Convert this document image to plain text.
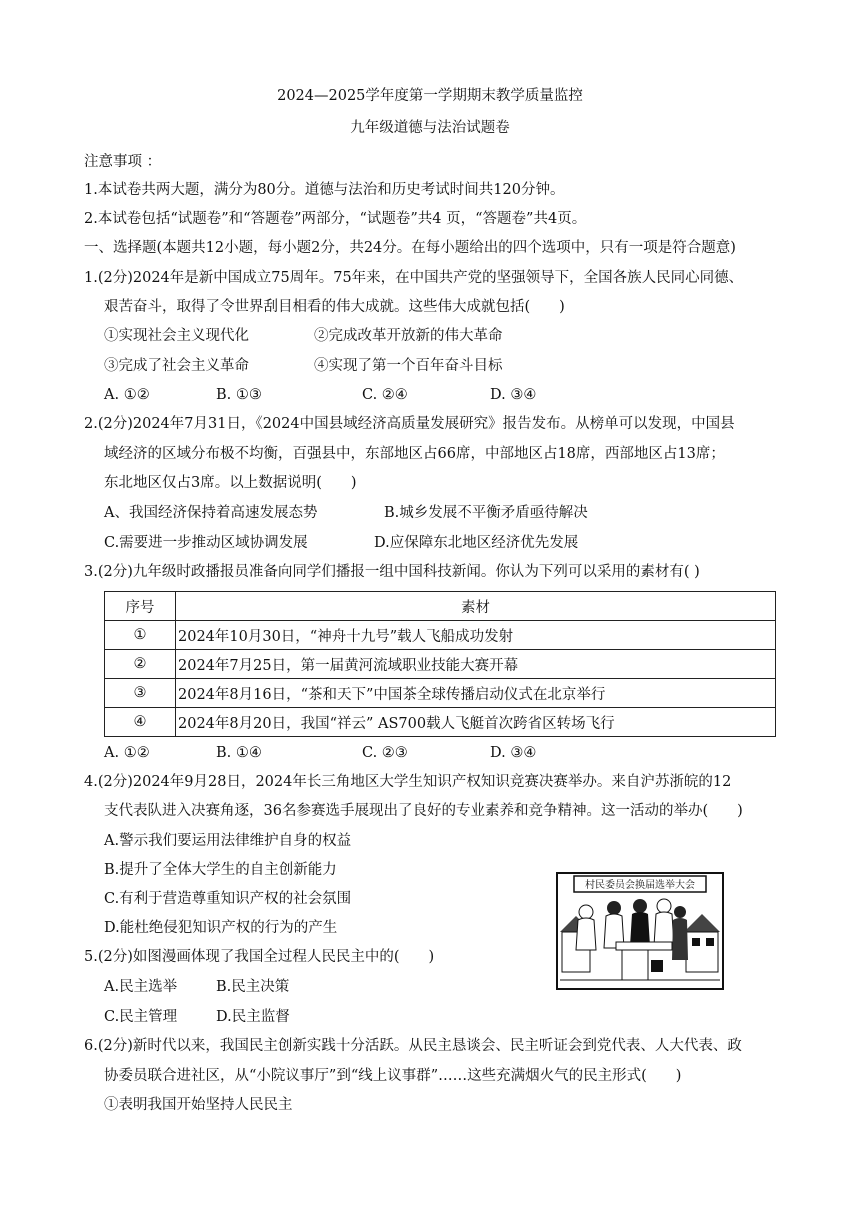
2024—2025学年度第一学期期末教学质量监控
九年级道德与法治试题卷
注意事项 ：
1.本试卷共两大题，满分为80分。道德与法治和历史考试时间共120分钟。
2.本试卷包括“试题卷”和“答题卷”两部分，“试题卷”共4 页，“答题卷”共4页。
一、选择题(本题共12小题，每小题2分，共24分。在每小题给出的四个选项中，只有一项是符合题意)
1.(2分)2024年是新中国成立75周年。75年来，在中国共产党的坚强领导下，全国各族人民同心同德、
艰苦奋斗，取得了令世界刮目相看的伟大成就。这些伟大成就包括(　　)
①实现社会主义现代化	②完成改革开放新的伟大革命
③完成了社会主义革命	④实现了第一个百年奋斗目标
A. ①②	B. ①③	C. ②④	D. ③④
2.(2分)2024年7月31日，《2024中国县域经济高质量发展研究》报告发布。从榜单可以发现，中国县
域经济的区域分布极不均衡，百强县中，东部地区占66席，中部地区占18席，西部地区占13席；
东北地区仅占3席。以上数据说明(　　)
A、我国经济保持着高速发展态势	B.城乡发展不平衡矛盾亟待解决
C.需要进一步推动区域协调发展	D.应保障东北地区经济优先发展
3.(2分)九年级时政播报员准备向同学们播报一组中国科技新闻。你认为下列可以采用的素材有( )
序号	素材
①	2024年10月30日，“神舟十九号”载人飞船成功发射
②	2024年7月25日，第一届黄河流域职业技能大赛开幕
③	2024年8月16日，“茶和天下”中国茶全球传播启动仪式在北京举行
④	2024年8月20日，我国“祥云” AS700载人飞艇首次跨省区转场飞行
A. ①②	B. ①④	C. ②③	D. ③④
4.(2分)2024年9月28日，2024年长三角地区大学生知识产权知识竞赛决赛举办。来自沪苏浙皖的12
支代表队进入决赛角逐，36名参赛选手展现出了良好的专业素养和竞争精神。这一活动的举办(　　)
A.警示我们要运用法律维护自身的权益
B.提升了全体大学生的自主创新能力
C.有利于营造尊重知识产权的社会氛围
D.能杜绝侵犯知识产权的行为的产生
村民委员会换届选举大会
5.(2分)如图漫画体现了我国全过程人民民主中的(　　)
A.民主选举	B.民主决策
C.民主管理	D.民主监督
6.(2分)新时代以来，我国民主创新实践十分活跃。从民主恳谈会、民主听证会到党代表、人大代表、政
协委员联合进社区，从“小院议事厅”到“线上议事群”……这些充满烟火气的民主形式(　　)
①表明我国开始坚持人民民主
